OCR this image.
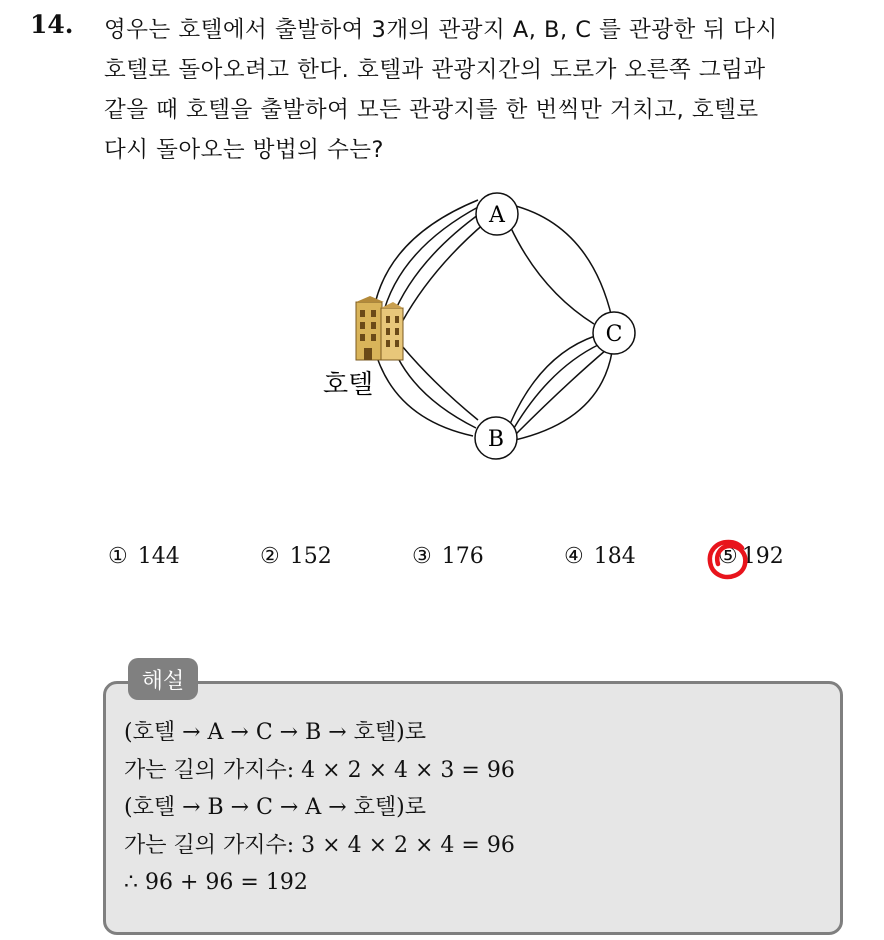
14. 영우는 호텔에서 출발하여 3개의 관광지 A, B, C 를 관광한 뒤 다시
호텔로 돌아오려고 한다. 호텔과 관광지간의 도로가 오른쪽 그림과
같을 때 호텔을 출발하여 모든 관광지를 한 번씩만 거치고, 호텔로
다시 돌아오는 방법의 수는?
A
C
B
호텔
① 144	② 152	③ 176	④ 184	⑤ 192
해설
(호텔 → A → C → B → 호텔)로
가는 길의 가지수: 4 × 2 × 4 × 3 = 96
(호텔 → B → C → A → 호텔)로
가는 길의 가지수: 3 × 4 × 2 × 4 = 96
∴ 96 + 96 = 192
